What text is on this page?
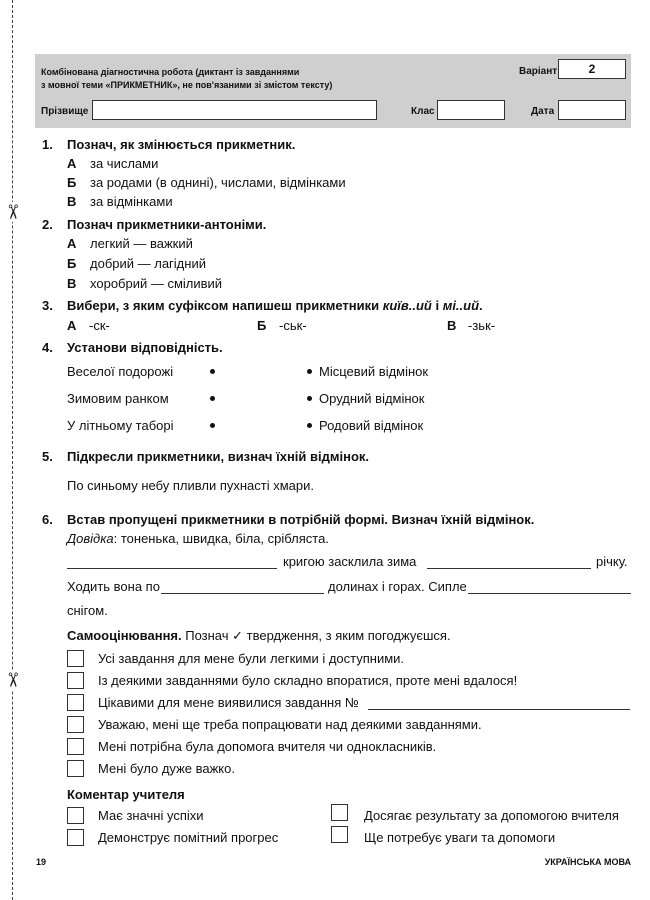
✂
✂
Комбінована діагностична робота (диктант із завданнями
з мовної теми «ПРИКМЕТНИК», не пов'язаними зі змістом тексту)
Варіант	2
Прізвище	Клас	Дата
1. Познач, як змінюється прикметник.
А за числами
Б за родами (в однині), числами, відмінками
В за відмінками
2. Познач прикметники-антоніми.
А легкий — важкий
Б добрий — лагідний
В хоробрий — сміливий
3. Вибери, з яким суфіксом напишеш прикметники київ..ий і мі..ий.
А -ск-	Б -ськ-	В -зьк-
4. Установи відповідність.
Веселої подорожі	Місцевий відмінок
Зимовим ранком	Орудний відмінок
У літньому таборі	Родовий відмінок
5. Підкресли прикметники, визнач їхній відмінок.
По синьому небу пливли пухнасті хмари.
6. Встав пропущені прикметники в потрібній формі. Визнач їхній відмінок.
Довідка: тоненька, швидка, біла, срібляста.
кригою засклила зима	річку.
Ходить вона по	долинах і горах. Сипле
снігом.
Самооцінювання. Познач ✓ твердження, з яким погоджуєшся.
Усі завдання для мене були легкими і доступними.
Із деякими завданнями було складно впоратися, проте мені вдалося!
Цікавими для мене виявилися завдання №
Уважаю, мені ще треба попрацювати над деякими завданнями.
Мені потрібна була допомога вчителя чи однокласників.
Мені було дуже важко.
Коментар учителя
Має значні успіхи	Досягає результату за допомогою вчителя
Демонструє помітний прогрес	Ще потребує уваги та допомоги
19	УКРАЇНСЬКА МОВА
